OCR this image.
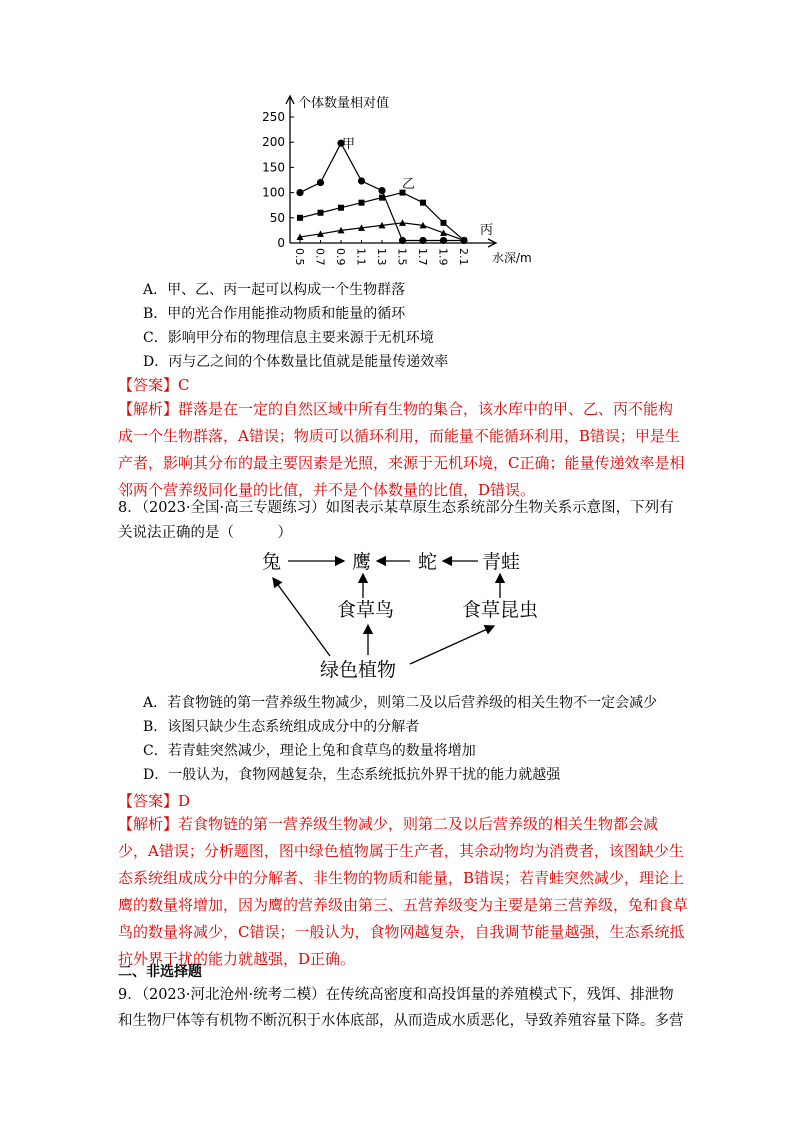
0
50
100
150
200
250
0.5 0.7 0.9 1.1 1.3 1.5 1.7 1.9 2.1
甲
乙
丙
个体数量相对值
水深/m
A．甲、乙、丙一起可以构成一个生物群落
B．甲的光合作用能推动物质和能量的循环
C．影响甲分布的物理信息主要来源于无机环境
D．丙与乙之间的个体数量比值就是能量传递效率
【答案】C
【解析】群落是在一定的自然区域中所有生物的集合，该水库中的甲、乙、丙不能构成一个生物群落，A错误；物质可以循环利用，而能量不能循环利用，B错误；甲是生产者，影响其分布的最主要因素是光照，来源于无机环境，C正确；能量传递效率是相邻两个营养级同化量的比值，并不是个体数量的比值，D错误。
8．（2023·全国·高三专题练习）如图表示某草原生态系统部分生物关系示意图，下列有关说法正确的是（　　　）
兔	鹰 蛇 青蛙
食草鸟	食草昆虫
绿色植物
A．若食物链的第一营养级生物减少，则第二及以后营养级的相关生物不一定会减少
B．该图只缺少生态系统组成成分中的分解者
C．若青蛙突然减少，理论上兔和食草鸟的数量将增加
D．一般认为，食物网越复杂，生态系统抵抗外界干扰的能力就越强
【答案】D
【解析】若食物链的第一营养级生物减少，则第二及以后营养级的相关生物都会减少，A错误；分析题图，图中绿色植物属于生产者，其余动物均为消费者，该图缺少生态系统组成成分中的分解者、非生物的物质和能量，B错误；若青蛙突然减少，理论上鹰的数量将增加，因为鹰的营养级由第三、五营养级变为主要是第三营养级，兔和食草鸟的数量将减少，C错误；一般认为，食物网越复杂，自我调节能量越强，生态系统抵抗外界干扰的能力就越强，D正确。
二、非选择题
9．（2023·河北沧州·统考二模）在传统高密度和高投饵量的养殖模式下，残饵、排泄物和生物尸体等有机物不断沉积于水体底部，从而造成水质恶化，导致养殖容量下降。多营
